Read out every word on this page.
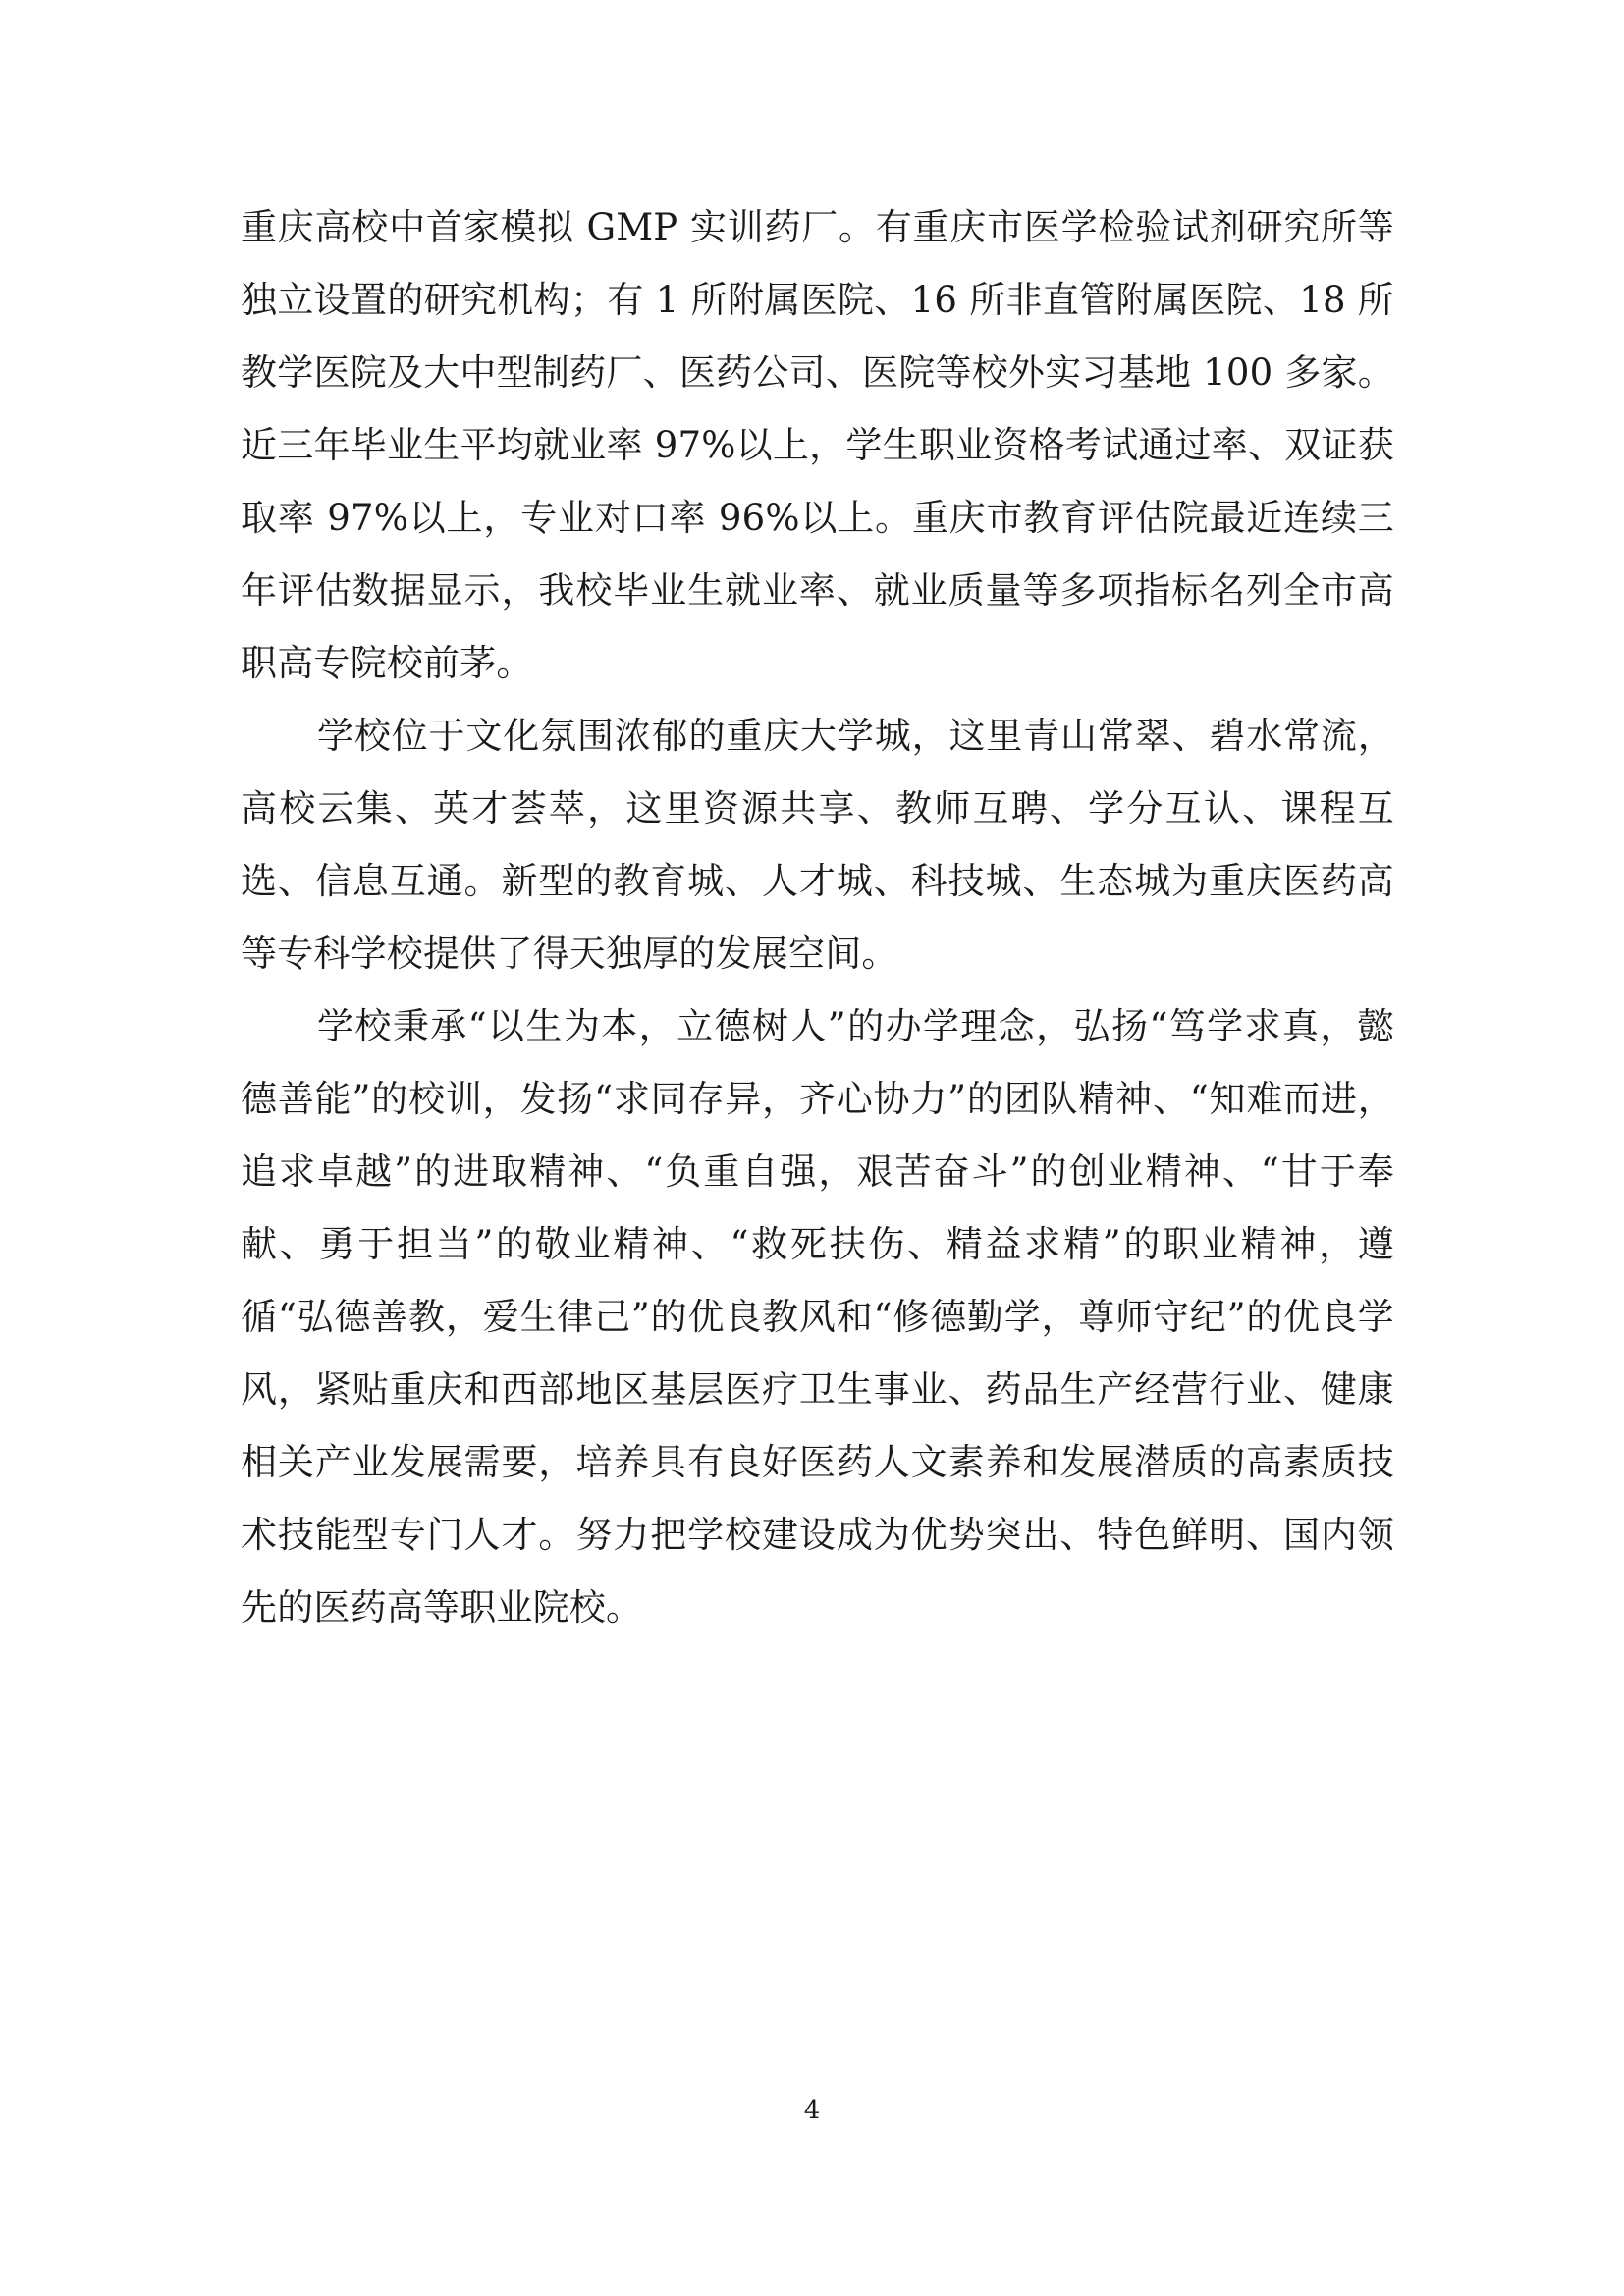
重庆高校中首家模拟 GMP 实训药厂。有重庆市医学检验试剂研究所等独立设置的研究机构；有 1 所附属医院、16 所非直管附属医院、18 所教学医院及大中型制药厂、医药公司、医院等校外实习基地 100 多家。近三年毕业生平均就业率 97%以上，学生职业资格考试通过率、双证获取率 97%以上，专业对口率 96%以上。重庆市教育评估院最近连续三年评估数据显示，我校毕业生就业率、就业质量等多项指标名列全市高职高专院校前茅。

学校位于文化氛围浓郁的重庆大学城，这里青山常翠、碧水常流，高校云集、英才荟萃，这里资源共享、教师互聘、学分互认、课程互选、信息互通。新型的教育城、人才城、科技城、生态城为重庆医药高等专科学校提供了得天独厚的发展空间。

学校秉承“以生为本，立德树人”的办学理念，弘扬“笃学求真，懿德善能”的校训，发扬“求同存异，齐心协力”的团队精神、“知难而进，追求卓越”的进取精神、“负重自强，艰苦奋斗”的创业精神、“甘于奉献、勇于担当”的敬业精神、“救死扶伤、精益求精”的职业精神，遵循“弘德善教，爱生律己”的优良教风和“修德勤学，尊师守纪”的优良学风，紧贴重庆和西部地区基层医疗卫生事业、药品生产经营行业、健康相关产业发展需要，培养具有良好医药人文素养和发展潜质的高素质技术技能型专门人才。努力把学校建设成为优势突出、特色鲜明、国内领先的医药高等职业院校。

4
